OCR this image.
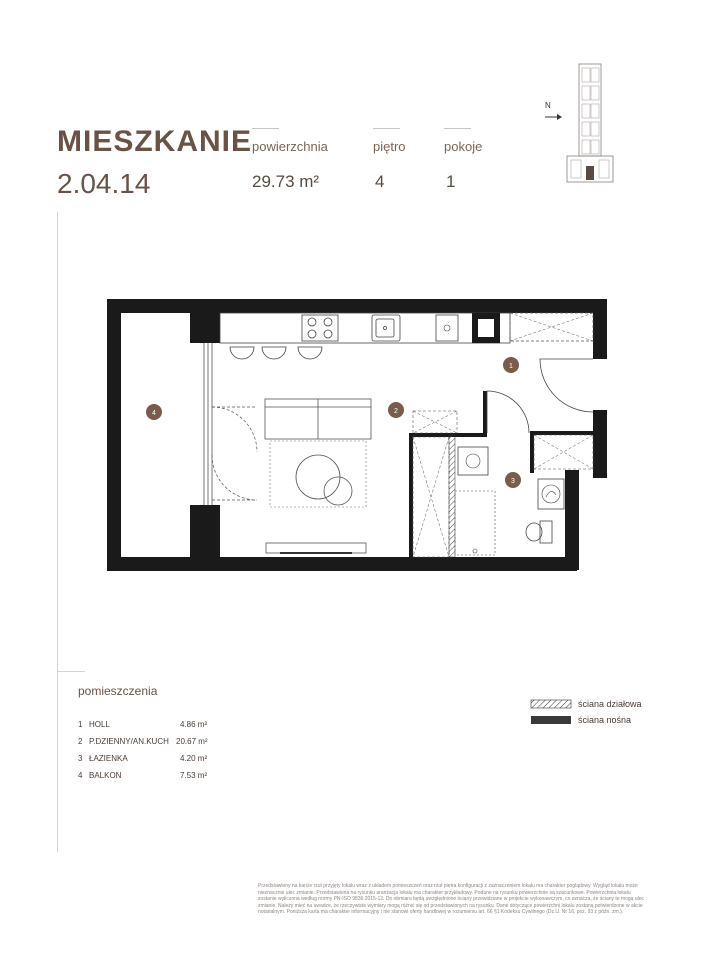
MIESZKANIE
2.04.14
powierzchnia
29.73 m²
piętro
4
pokoje
1
N
1
2
3
4
pomieszczenia
1 HOLL	4.86 m²
2 P.DZIENNY/AN.KUCH 20.67 m²
3 ŁAZIENKA	4.20 m²
4 BALKON	7.53 m²
ściana działowa
ściana nośna
Przedstawiony na karcie rzut przyjęty lokalu wraz z układem pomieszczeń oraz rzut piętra konfiguracji z zaznaczeniem lokalu ma charakter poglądowy. Wygląd lokalu może nieznacznie ulec zmianie. Przedstawiona na rysunku aranżacja lokalu ma charakter przykładowy. Podane na rysunku powierzchnie są szacunkowe. Powierzchnia lokalu zostanie wyliczona według normy PN-ISO 9836:2015-12. Do obmiaru będą uwzględnione ściany przewidziane w projekcie wykonawczym, co oznacza, że ściany te mogą ulec zmianie. Należy mieć na uwadze, że rzeczywiste wymiary mogą różnić się od przedstawionych na rysunku. Dane dotyczące powierzchni lokalu zostaną potwierdzone w akcie notarialnym. Poniższa karta ma charakter informacyjny i nie stanowi oferty handlowej w rozumieniu art. 66 §1 Kodeksu Cywilnego (Dz.U. Nr 16, poz. 93 z późn. zm.).
